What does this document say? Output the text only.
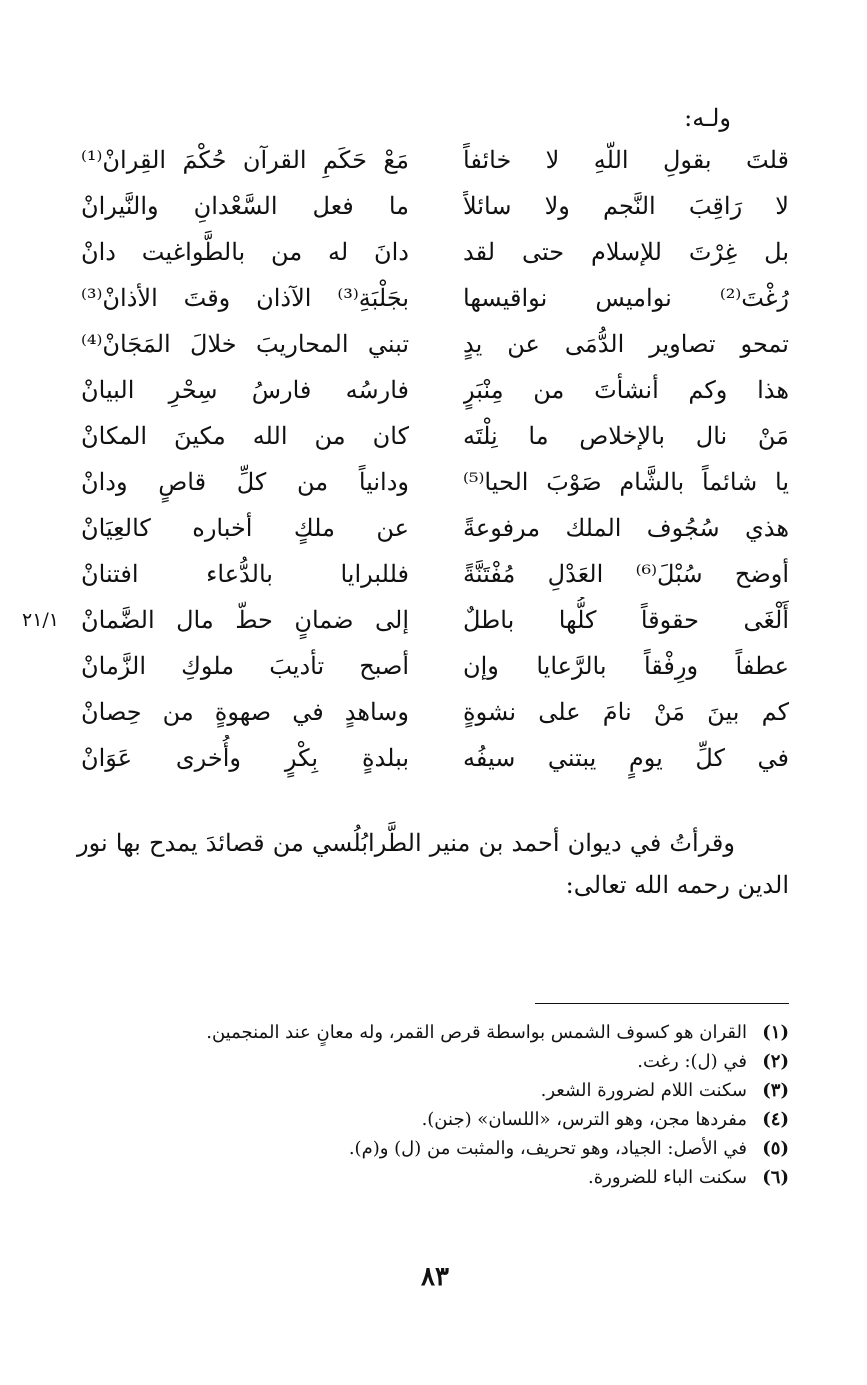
ولـه:
قلتَ بقولِ اللّهِ لا خائفاً
مَعْ حَكَمِ القرآن حُكْمَ القِرانْ⁽¹⁾
لا رَاقِبَ النَّجم ولا سائلاً
ما فعل السَّعْدانِ والنَّيرانْ
بل غِرْتَ للإسلام حتى لقد
دانَ له من بالطَّواغيت دانْ
رُغْتَ⁽²⁾ نواميس نواقيسها
بجَلْبَةِ⁽³⁾ الآذان وقتَ الأذانْ⁽³⁾
تمحو تصاوير الدُّمَى عن يدٍ
تبني المحاريبَ خلالَ المَجَانْ⁽⁴⁾
هذا وكم أنشأتَ من مِنْبَرٍ
فارسُه فارسُ سِحْرِ البيانْ
مَنْ نال بالإخلاص ما نِلْتَه
كان من الله مكينَ المكانْ
يا شائماً بالشَّام صَوْبَ الحيا⁽⁵⁾
ودانياً من كلِّ قاصٍ ودانْ
هذي سُجُوف الملك مرفوعةً
عن ملكٍ أخباره كالعِيَانْ
أوضح سُبْلَ⁽⁶⁾ العَدْلِ مُفْتَنَّةً
فللبرايا بالدُّعاء افتنانْ
أَلْغَى حقوقاً كلُّها باطلٌ
إلى ضمانٍ حطّ مال الضَّمانْ
٢١/١
عطفاً ورِفْقاً بالرَّعايا وإن
أصبح تأديبَ ملوكِ الزَّمانْ
كم بينَ مَنْ نامَ على نشوةٍ
وساهدٍ في صهوةٍ من حِصانْ
في كلِّ يومٍ يبتني سيفُه
ببلدةٍ بِكْرٍ وأُخرى عَوَانْ

وقرأتُ في ديوان أحمد بن منير الطَّرابُلُسي من قصائدَ يمدح بها نور الدين رحمه الله تعالى:

(١)القران هو كسوف الشمس بواسطة قرص القمر، وله معانٍ عند المنجمين.
(٢)في (ل): رغت.
(٣)سكنت اللام لضرورة الشعر.
(٤)مفردها مجن، وهو الترس، «اللسان» (جنن).
(٥)في الأصل: الجياد، وهو تحريف، والمثبت من (ل) و(م).
(٦)سكنت الباء للضرورة.
٨٣
